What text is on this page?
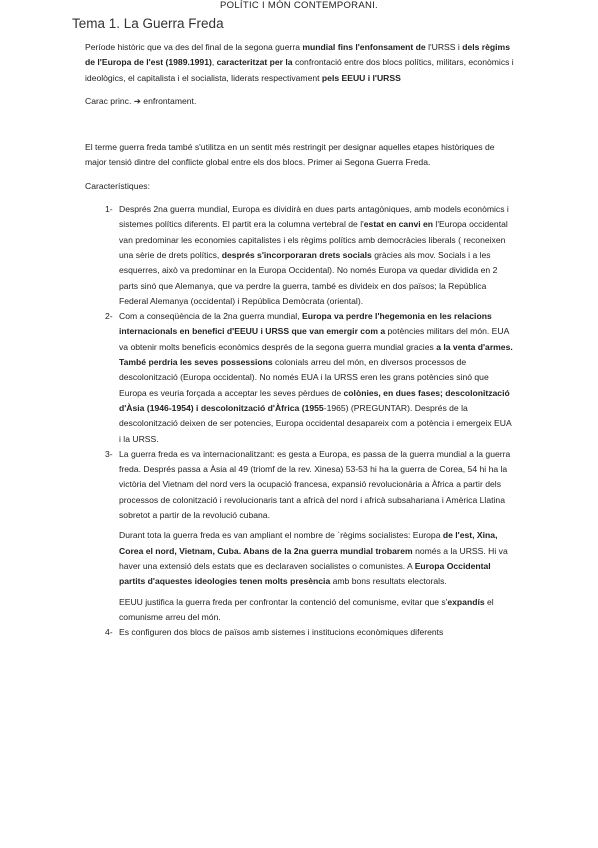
POLÍTIC I MÓN CONTEMPORANI.
Tema 1. La Guerra Freda

Període històric que va des del final de la segona guerra mundial fins l'enfonsament de l'URSS i dels règims de l'Europa de l'est (1989.1991), caracteritzat per la confrontació entre dos blocs polítics, militars, econòmics i ideològics, el capitalista i el socialista, liderats respectivament pels EEUU i l'URSS

Carac princ. ➔ enfrontament.

El terme guerra freda també s'utilitza en un sentit més restringit per designar aquelles etapes històriques de major tensió dintre del conflicte global entre els dos blocs. Primer ai Segona Guerra Freda.

Característiques:

1- Després 2na guerra mundial, Europa es dividirà en dues parts antagòniques, amb models econòmics i sistemes polítics diferents. El partit era la columna vertebral de l'estat en canvi en l'Europa occidental van predominar les economies capitalistes i els règims polítics amb democràcies liberals ( reconeixen una sèrie de drets polítics, després s'incorporaran drets socials gràcies als mov. Socials i a les esquerres, això va predominar en la Europa Occidental). No només Europa va quedar dividida en 2 parts sinó que Alemanya, que va perdre la guerra, també es divideix en dos països; la República Federal Alemanya (occidental) i República Demòcrata (oriental).

2- Com a conseqüència de la 2na guerra mundial, Europa va perdre l'hegemonia en les relacions internacionals en benefici d'EEUU i URSS que van emergir com a potències militars del món. EUA va obtenir molts beneficis econòmics després de la segona guerra mundial gracies a la venta d'armes. També perdria les seves possessions colonials arreu del món, en diversos processos de descolonització (Europa occidental). No només EUA i la URSS eren les grans potències sinó que Europa es veuria forçada a acceptar les seves pèrdues de colònies, en dues fases; descolonització d'Àsia (1946-1954) i descolonització d'Àfrica (1955-1965) (PREGUNTAR). Després de la descolonització deixen de ser potencies, Europa occidental desapareix com a potència i emergeix EUA i la URSS.

3- La guerra freda es va internacionalitzant: es gesta a Europa, es passa de la guerra mundial a la guerra freda. Després passa a Àsia al 49 (triomf de la rev. Xinesa) 53-53 hi ha la guerra de Corea, 54 hi ha la victòria del Vietnam del nord vers la ocupació francesa, expansió revolucionària a Àfrica a partir dels processos de colonització i revolucionaris tant a africà del nord i africà subsahariana i Amèrica Llatina sobretot a partir de la revolució cubana.

Durant tota la guerra freda es van ampliant el nombre de `règims socialistes: Europa de l'est, Xina, Corea el nord, Vietnam, Cuba. Abans de la 2na guerra mundial trobarem només a la URSS. Hi va haver una extensió dels estats que es declaraven socialistes o comunistes. A Europa Occidental partits d'aquestes ideologies tenen molts presència amb bons resultats electorals.

EEUU justifica la guerra freda per confrontar la contenció del comunisme, evitar que s'expandís el comunisme arreu del món.

4- Es configuren dos blocs de països amb sistemes i institucions econòmiques diferents
